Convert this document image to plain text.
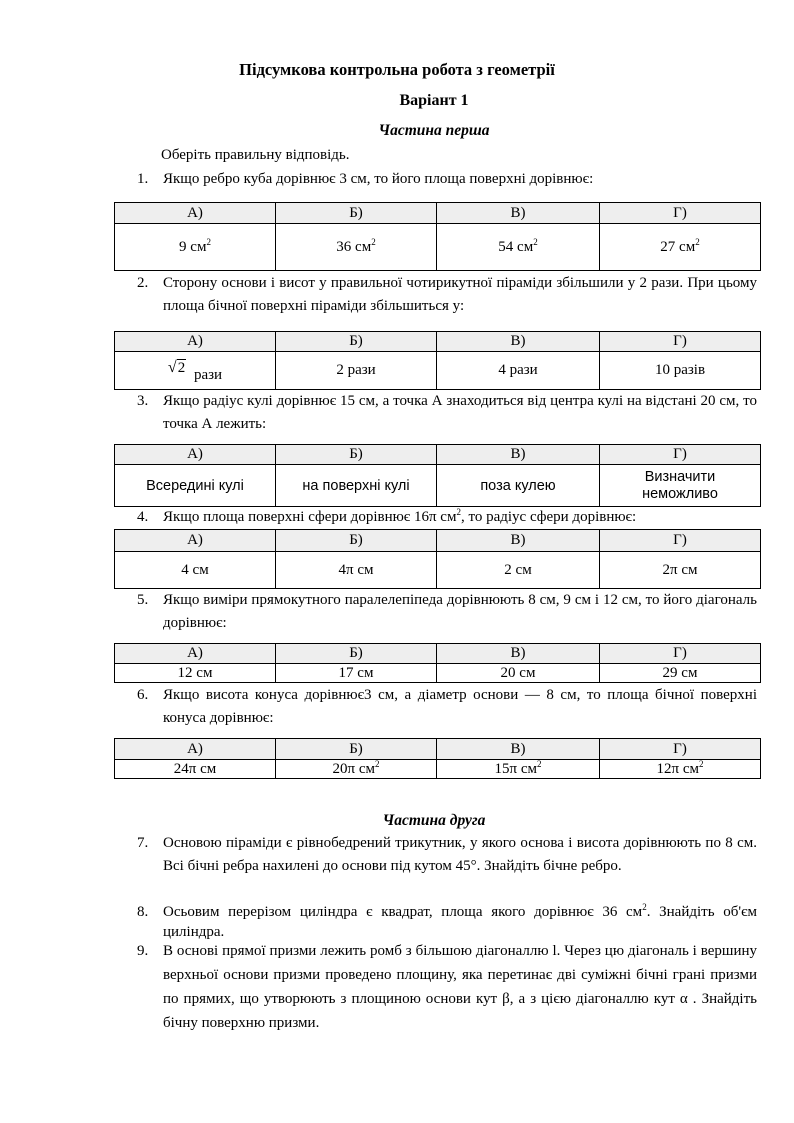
Підсумкова контрольна робота з геометрії
Варіант 1
Частина перша
Оберіть правильну відповідь.
1. Якщо ребро куба дорівнює 3 см, то його площа поверхні дорівнює:
А)	Б)	В)	Г)
9 $см^2$	36 $см^2$	54 $см^2$	27 $см^2$
2. Сторону основи і висот у правильної чотирикутної піраміди збільшили у 2 рази. При цьому площа бічної поверхні піраміди збільшиться у:
А)	Б)	В)	Г)
√2 рази	2 рази	4 рази	10 разів
3. Якщо радіус кулі дорівнює 15 см, а точка А знаходиться від центра кулі на відстані 20 см, то точка А лежить:
А)	Б)	В)	Г)
Всередині кулі	на поверхні кулі	поза кулею	Визначити
неможливо
4. Якщо площа поверхні сфери дорівнює 16π $см^2$, то радіус сфери дорівнює:
А)	Б)	В)	Г)
4 см	4π см	2 см	2π см
5. Якщо виміри прямокутного паралелепіпеда дорівнюють 8 см, 9 см і 12 см, то його діагональ дорівнює:
А)	Б)	В)	Г)
12 см	17 см	20 см	29 см
6. Якщо висота конуса дорівнює3 см, а діаметр основи — 8 см, то площа бічної поверхні конуса дорівнює:
А)	Б)	В)	Г)
24π см	20π $см^2$	15π $см^2$	12π $см^2$
Частина друга
7. Основою піраміди є рівнобедрений трикутник, у якого основа і висота дорівнюють по 8 см. Всі бічні ребра нахилені до основи під кутом 45°. Знайдіть бічне ребро.
8. Осьовим перерізом циліндра є квадрат, площа якого дорівнює 36 $см^2$. Знайдіть об'єм циліндра.
9. В основі прямої призми лежить ромб з більшою діагоналлю l. Через цю діагональ і вершину верхньої основи призми проведено площину, яка перетинає дві суміжні бічні грані призми по прямих, що утворюють з площиною основи кут β, а з цією діагоналлю кут α . Знайдіть бічну поверхню призми.
